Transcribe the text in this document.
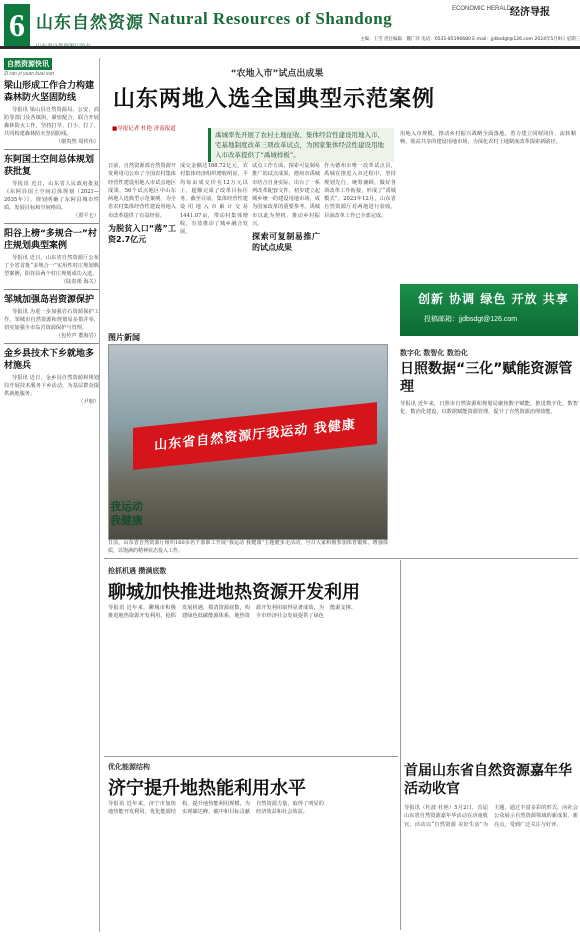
6 山东自然资源 Natural Resources of Shandong	ECONOMIC HERALD
经济导报
主编：王雪 责任编辑：魏广萍 电话：0531-85196680 E-mail：jjdbsdgt@126.com 2024年5月9日 星期三
自然资源快讯
Zi ran zi yuan kuai xun
梁山形成工作合力构建森林防火坚固防线
导报讯 梁山县自然资源局、公安、消防等部门及各镇街，紧密配合，联合开展森林防火工作，坚持打早、打小、打了，共同构建森林防火坚固防线。
（谢贵然 周传伟）
东阿国土空间总体规划获批复
导报讯 近日，山东省人民政府批复《东阿县国土空间总体规划（2021—2035年）》。规划明确了东阿县城市性质、发展目标和空间格局。
（贾平仑）
阳谷上榜“多规合一”村庄规划典型案例
导报讯 近日，山东省自然资源厅公布了全省首批“多规合一”实用性村庄规划典型案例，阳谷县两个村庄规划成功入选。
（陆春蕾 海关）
邹城加强岛岩资源保护
导报讯 为进一步加强岩石资源保护工作，邹城市自然资源和规划局多措并举，切实加强全市岛岩资源保护与管理。
（包传声 董海岩）
金乡县技术下乡就地多材施兵
导报讯 近日，金乡县自然资源和规划局开展技术服务下乡活动，为基层群众提供就地服务。
（尹朋）
“农地入市”试点出成果
山东两地入选全国典型示范案例
■导报记者 杜艳 济南报道
禹城率先开展了农村土地征收、集体经营性建设用地入市、宅基地制度改革三项改革试点，为国家集体经营性建设用地入市改革提供了“禹城样板”。
日前，自然资源部自然资源开发利用司公布了全国农村集体经营性建设用地入市试点地区成果，56个试点地区中山东两地人选典型示范案例，为全省农村集体经营性建设用地入市改革提供了有益经验。
为脱贫入口“落”工资2.7亿元
成交金额达188.72亿元，农村集体经济组织增收明显，平均每亩成交价在12万元以上，超额完成了改革目标任务。截至目前，集体经营性建设用地入市累计交易1441.07亩，带动村集体增收，有效推动了城乡融合发展。
试点工作方面，探索可复制易推广的试点成果，德州市禹城市结合自身实际，出台了一系列改革配套文件，初步建立起城乡统一的建设用地市场，成为国家改革的重要参考。禹城市以此为契机，推动乡村振兴。
探索可复制易推广的试点成果
作为德州市唯一改革试点县，禹城在推进入市过程中，坚持规划先行，统筹兼顾，做好各项改革工作衔接，形成了“禹城模式”。2023年12月，山东省自然资源厅对两地进行验收，目前改革工作已全部完成。
用地入市规模，推动乡村振兴战略全面落地。着力建立同权同价、流转顺畅、收益共享的建设用地市场，为深化农村土地制度改革探索新路径。
创新 协调 绿色 开放 共享
投稿邮箱：jjdbsdgt@126.com
图片新闻
山东省自然资源厅我运动 我健康
我运动
我健康
日前，山东省自然资源厅组织160余名干部职工开展“我运动 我健康”主题健步走活动，号召大家积极参加体育锻炼，增强体质，以饱满的精神状态投入工作。
数字化 数智化 数治化
日照数据“三化”赋能资源管理
导报讯 近年来，日照市自然资源和规划局聚焦数字赋能，推进数字化、数智化、数治化建设，以数据赋能资源管理，提升了自然资源治理效能。
抢抓机遇 攒满底数
聊城加快推进地热资源开发利用
导报讯 近年来，聊城市积极推进地热资源开发利用，抢抓发展机遇，摸清资源底数，构建绿色低碳能源体系，地热资源开发利用取得显著成效，为全市经济社会发展提供了绿色能源支撑。
优化能源结构
济宁提升地热能利用水平
导报讯 近年来，济宁市加快地热能开发利用，优化能源结构，提升地热能利用规模，为实现碳达峰、碳中和目标贡献自然资源力量，取得了明显的经济效益和社会效益。
首届山东省自然资源嘉年华活动收官
导报讯（杜波 杜艳）5月2日，首届山东省自然资源嘉年华活动在济南收官。活动以“自然资源 美好生活”为主题，通过丰富多彩的形式，向社会公众展示自然资源领域的新成果、新亮点，受到广泛关注与好评。
